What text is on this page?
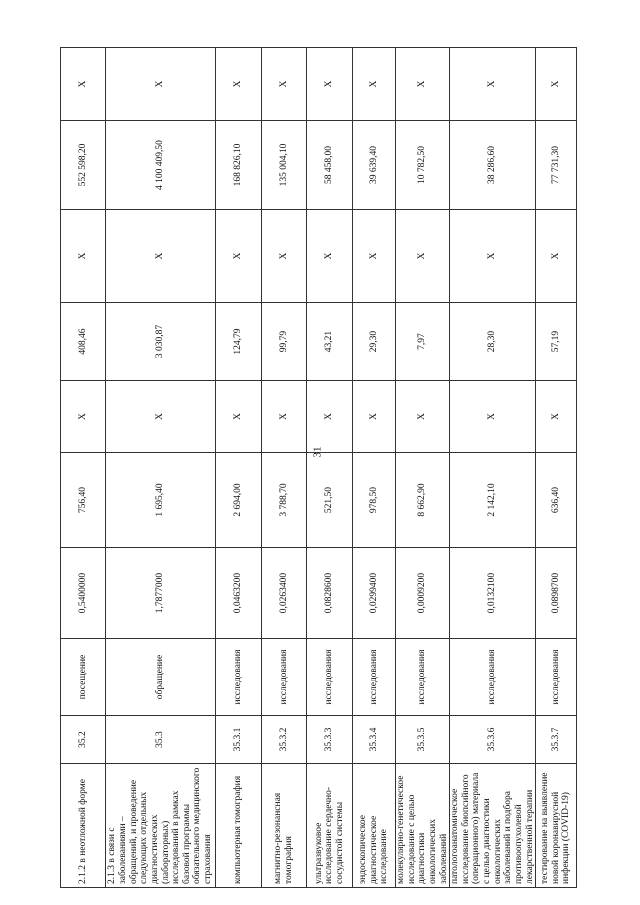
31
2.1.2 в неотложной форме	35.2	посещение	0,5400000	756,40	X	408,46	X	552 598,20	X
2.1.3 в связи с заболеваниями – обращений, и проведение следующих отдельных диагностических (лабораторных) исследований в рамках базовой программы обязательного медицинского страхования	35.3	обращение	1,7877000	1 695,40	X	3 030,87	X	4 100 409,50	X
компьютерная томография	35.3.1	исследования	0,0463200	2 694,00	X	124,79	X	168 826,10	X
магнитно-резонансная томография	35.3.2	исследования	0,0263400	3 788,70	X	99,79	X	135 004,10	X
ультразвуковое исследование сердечно-сосудистой системы	35.3.3	исследования	0,0828600	521,50	X	43,21	X	58 458,00	X
эндоскопическое диагностическое исследование	35.3.4	исследования	0,0299400	978,50	X	29,30	X	39 639,40	X
молекулярно-генетическое исследование с целью диагностики онкологических заболеваний	35.3.5	исследования	0,0009200	8 662,90	X	7,97	X	10 782,50	X
патологоанатомическое исследование биопсийного (операционного) материала с целью диагностики онкологических заболеваний и подбора противоопухолевой лекарственной терапии	35.3.6	исследования	0,0132100	2 142,10	X	28,30	X	38 286,60	X
тестирование на выявление новой коронавирусной инфекции (COVID-19)	35.3.7	исследования	0,0898700	636,40	X	57,19	X	77 731,30	X
